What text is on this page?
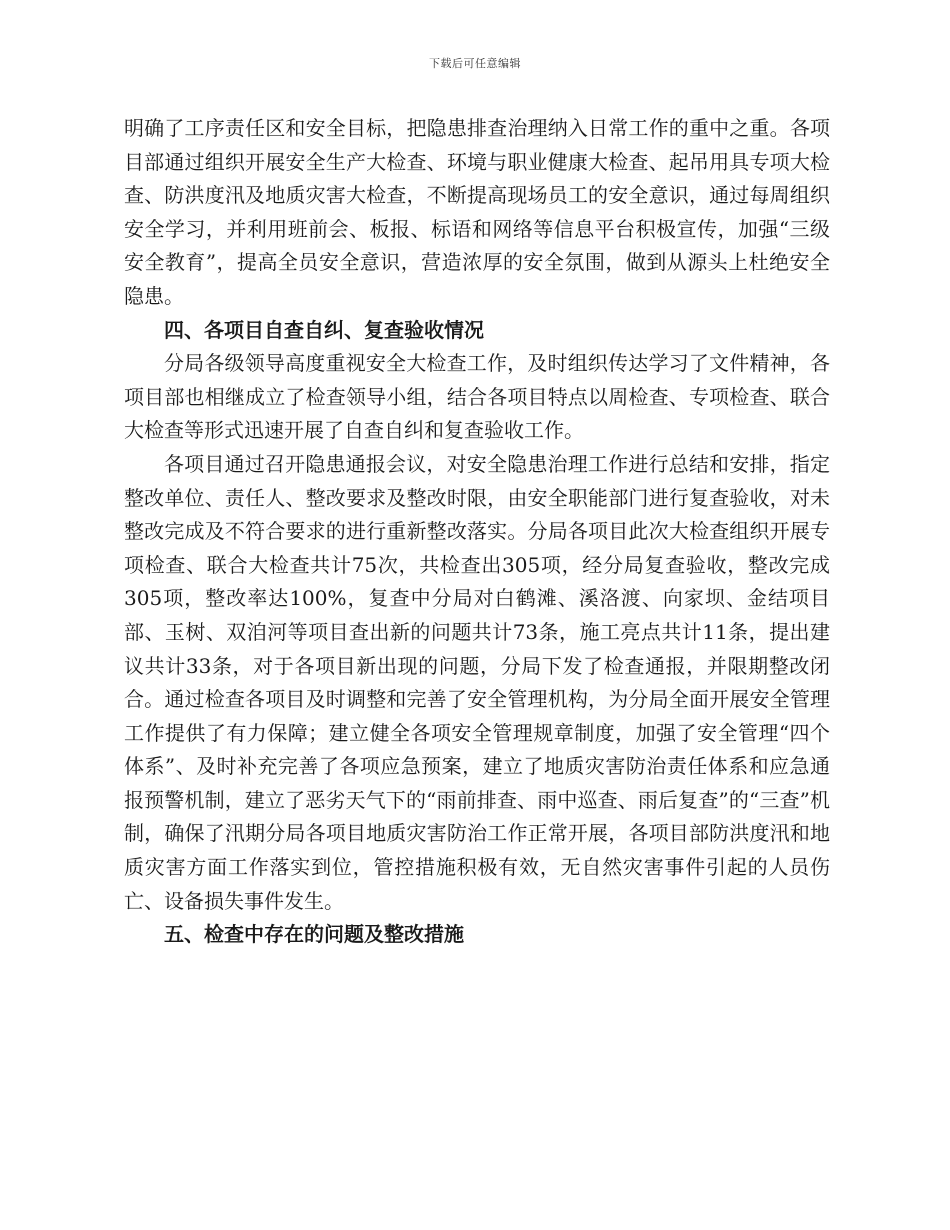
下载后可任意编辑

明确了工序责任区和安全目标，把隐患排查治理纳入日常工作的重中之重。各项目部通过组织开展安全生产大检查、环境与职业健康大检查、起吊用具专项大检查、防洪度汛及地质灾害大检查，不断提高现场员工的安全意识，通过每周组织安全学习，并利用班前会、板报、标语和网络等信息平台积极宣传，加强“三级安全教育”，提高全员安全意识，营造浓厚的安全氛围，做到从源头上杜绝安全隐患。

四、各项目自查自纠、复查验收情况

分局各级领导高度重视安全大检查工作，及时组织传达学习了文件精神，各项目部也相继成立了检查领导小组，结合各项目特点以周检查、专项检查、联合大检查等形式迅速开展了自查自纠和复查验收工作。

各项目通过召开隐患通报会议，对安全隐患治理工作进行总结和安排，指定整改单位、责任人、整改要求及整改时限，由安全职能部门进行复查验收，对未整改完成及不符合要求的进行重新整改落实。分局各项目此次大检查组织开展专项检查、联合大检查共计75次，共检查出305项，经分局复查验收，整改完成305项，整改率达100%，复查中分局对白鹤滩、溪洛渡、向家坝、金结项目部、玉树、双洎河等项目查出新的问题共计73条，施工亮点共计11条，提出建议共计33条，对于各项目新出现的问题，分局下发了检查通报，并限期整改闭合。通过检查各项目及时调整和完善了安全管理机构，为分局全面开展安全管理工作提供了有力保障；建立健全各项安全管理规章制度，加强了安全管理“四个体系”、及时补充完善了各项应急预案，建立了地质灾害防治责任体系和应急通报预警机制，建立了恶劣天气下的“雨前排查、雨中巡查、雨后复查”的“三查”机制，确保了汛期分局各项目地质灾害防治工作正常开展，各项目部防洪度汛和地质灾害方面工作落实到位，管控措施积极有效，无自然灾害事件引起的人员伤亡、设备损失事件发生。

五、检查中存在的问题及整改措施
